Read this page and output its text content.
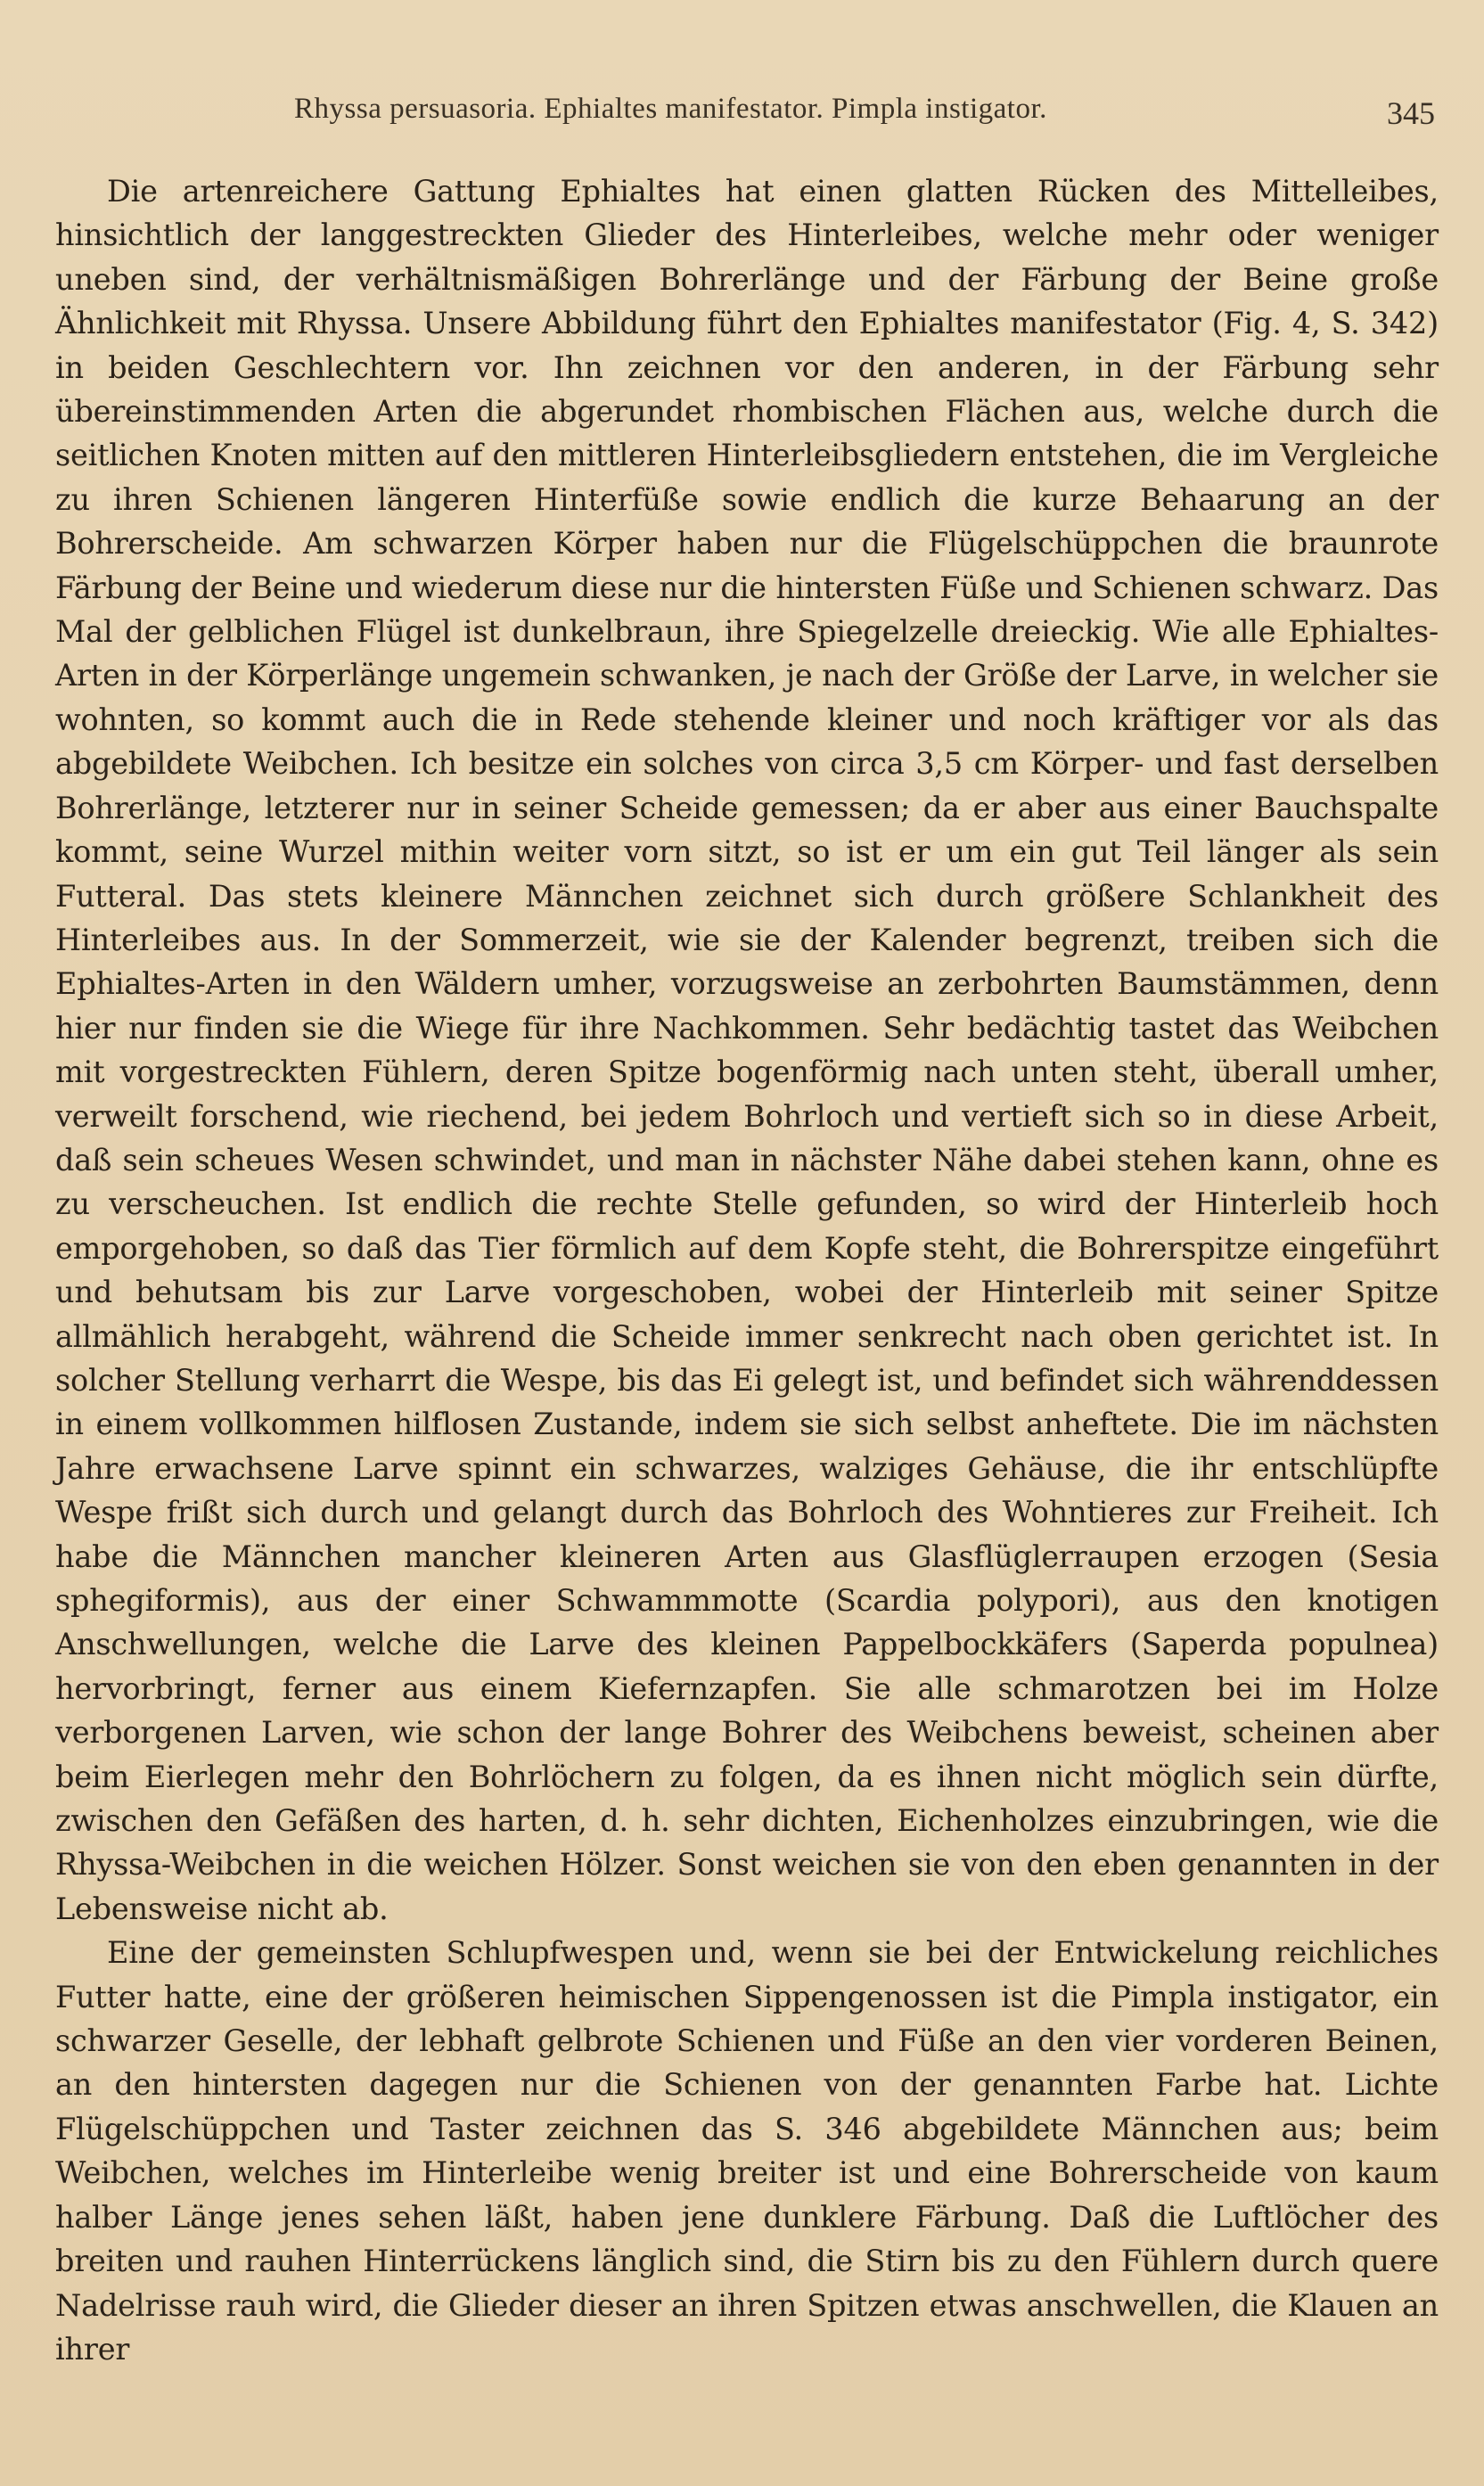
Rhyssa persuasoria. Ephialtes manifestator. Pimpla instigator.	345

Die artenreichere Gattung Ephialtes hat einen glatten Rücken des Mittelleibes, hinsichtlich der langgestreckten Glieder des Hinterleibes, welche mehr oder weniger uneben sind, der verhältnismäßigen Bohrerlänge und der Färbung der Beine große Ähnlichkeit mit Rhyssa. Unsere Abbildung führt den Ephialtes manifestator (Fig. 4, S. 342) in beiden Geschlechtern vor. Ihn zeichnen vor den anderen, in der Färbung sehr übereinstimmenden Arten die abgerundet rhombischen Flächen aus, welche durch die seitlichen Knoten mitten auf den mittleren Hinterleibsgliedern entstehen, die im Vergleiche zu ihren Schienen längeren Hinterfüße sowie endlich die kurze Behaarung an der Bohrerscheide. Am schwarzen Körper haben nur die Flügelschüppchen die braunrote Färbung der Beine und wiederum diese nur die hintersten Füße und Schienen schwarz. Das Mal der gelblichen Flügel ist dunkelbraun, ihre Spiegelzelle dreieckig. Wie alle Ephialtes-Arten in der Körperlänge ungemein schwanken, je nach der Größe der Larve, in welcher sie wohnten, so kommt auch die in Rede stehende kleiner und noch kräftiger vor als das abgebildete Weibchen. Ich besitze ein solches von circa 3,5 cm Körper- und fast derselben Bohrerlänge, letzterer nur in seiner Scheide gemessen; da er aber aus einer Bauchspalte kommt, seine Wurzel mithin weiter vorn sitzt, so ist er um ein gut Teil länger als sein Futteral. Das stets kleinere Männchen zeichnet sich durch größere Schlankheit des Hinterleibes aus. In der Sommerzeit, wie sie der Kalender begrenzt, treiben sich die Ephialtes-Arten in den Wäldern umher, vorzugsweise an zerbohrten Baumstämmen, denn hier nur finden sie die Wiege für ihre Nachkommen. Sehr bedächtig tastet das Weibchen mit vorgestreckten Fühlern, deren Spitze bogenförmig nach unten steht, überall umher, verweilt forschend, wie riechend, bei jedem Bohrloch und vertieft sich so in diese Arbeit, daß sein scheues Wesen schwindet, und man in nächster Nähe dabei stehen kann, ohne es zu verscheuchen. Ist endlich die rechte Stelle gefunden, so wird der Hinterleib hoch emporgehoben, so daß das Tier förmlich auf dem Kopfe steht, die Bohrerspitze eingeführt und behutsam bis zur Larve vorgeschoben, wobei der Hinterleib mit seiner Spitze allmählich herabgeht, während die Scheide immer senkrecht nach oben gerichtet ist. In solcher Stellung verharrt die Wespe, bis das Ei gelegt ist, und befindet sich währenddessen in einem vollkommen hilflosen Zustande, indem sie sich selbst anheftete. Die im nächsten Jahre erwachsene Larve spinnt ein schwarzes, walziges Gehäuse, die ihr entschlüpfte Wespe frißt sich durch und gelangt durch das Bohrloch des Wohntieres zur Freiheit. Ich habe die Männchen mancher kleineren Arten aus Glasflüglerraupen erzogen (Sesia sphegiformis), aus der einer Schwammmotte (Scardia polypori), aus den knotigen Anschwellungen, welche die Larve des kleinen Pappelbockkäfers (Saperda populnea) hervorbringt, ferner aus einem Kiefernzapfen. Sie alle schmarotzen bei im Holze verborgenen Larven, wie schon der lange Bohrer des Weibchens beweist, scheinen aber beim Eierlegen mehr den Bohrlöchern zu folgen, da es ihnen nicht möglich sein dürfte, zwischen den Gefäßen des harten, d. h. sehr dichten, Eichenholzes einzubringen, wie die Rhyssa-Weibchen in die weichen Hölzer. Sonst weichen sie von den eben genannten in der Lebensweise nicht ab.

Eine der gemeinsten Schlupfwespen und, wenn sie bei der Entwickelung reichliches Futter hatte, eine der größeren heimischen Sippengenossen ist die Pimpla instigator, ein schwarzer Geselle, der lebhaft gelbrote Schienen und Füße an den vier vorderen Beinen, an den hintersten dagegen nur die Schienen von der genannten Farbe hat. Lichte Flügelschüppchen und Taster zeichnen das S. 346 abgebildete Männchen aus; beim Weibchen, welches im Hinterleibe wenig breiter ist und eine Bohrerscheide von kaum halber Länge jenes sehen läßt, haben jene dunklere Färbung. Daß die Luftlöcher des breiten und rauhen Hinterrückens länglich sind, die Stirn bis zu den Fühlern durch quere Nadelrisse rauh wird, die Glieder dieser an ihren Spitzen etwas anschwellen, die Klauen an ihrer
